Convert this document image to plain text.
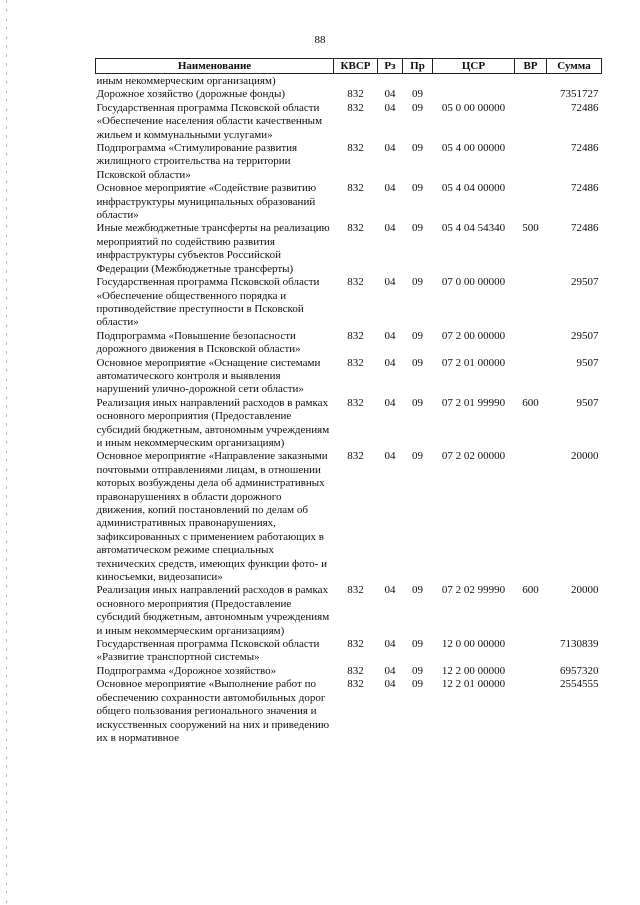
88
Наименование	КВСР	Рз	Пр	ЦСР	ВР	Сумма
иным некоммерческим организациям)						
Дорожное хозяйство (дорожные фонды)	832	04	09			7351727
Государственная программа Псковской области «Обеспечение населения области качественным жильем и коммунальными услугами»	832	04	09	05 0 00 00000		72486
Подпрограмма «Стимулирование развития жилищного строительства на территории Псковской области»	832	04	09	05 4 00 00000		72486
Основное мероприятие «Содействие развитию инфраструктуры муниципальных образований области»	832	04	09	05 4 04 00000		72486
Иные межбюджетные трансферты на реализацию мероприятий по содействию развития инфраструктуры субъектов Российской Федерации (Межбюджетные трансферты)	832	04	09	05 4 04 54340	500	72486
Государственная программа Псковской области «Обеспечение общественного порядка и противодействие преступности в Псковской области»	832	04	09	07 0 00 00000		29507
Подпрограмма «Повышение безопасности дорожного движения в Псковской области»	832	04	09	07 2 00 00000		29507
Основное мероприятие «Оснащение системами автоматического контроля и выявления нарушений улично-дорожной сети области»	832	04	09	07 2 01 00000		9507
Реализация иных направлений расходов в рамках основного мероприятия (Предоставление субсидий бюджетным, автономным учреждениям и иным некоммерческим организациям)	832	04	09	07 2 01 99990	600	9507
Основное мероприятие «Направление заказными почтовыми отправлениями лицам, в отношении которых возбуждены дела об административных правонарушениях в области дорожного движения, копий постановлений по делам об административных правонарушениях, зафиксированных с применением работающих в автоматическом режиме специальных технических средств, имеющих функции фото- и киносъемки, видеозаписи»	832	04	09	07 2 02 00000		20000
Реализация иных направлений расходов в рамках основного мероприятия (Предоставление субсидий бюджетным, автономным учреждениям и иным некоммерческим организациям)	832	04	09	07 2 02 99990	600	20000
Государственная программа Псковской области «Развитие транспортной системы»	832	04	09	12 0 00 00000		7130839
Подпрограмма «Дорожное хозяйство»	832	04	09	12 2 00 00000		6957320
Основное мероприятие «Выполнение работ по обеспечению сохранности автомобильных дорог общего пользования регионального значения и искусственных сооружений на них и приведению их в нормативное	832	04	09	12 2 01 00000		2554555
